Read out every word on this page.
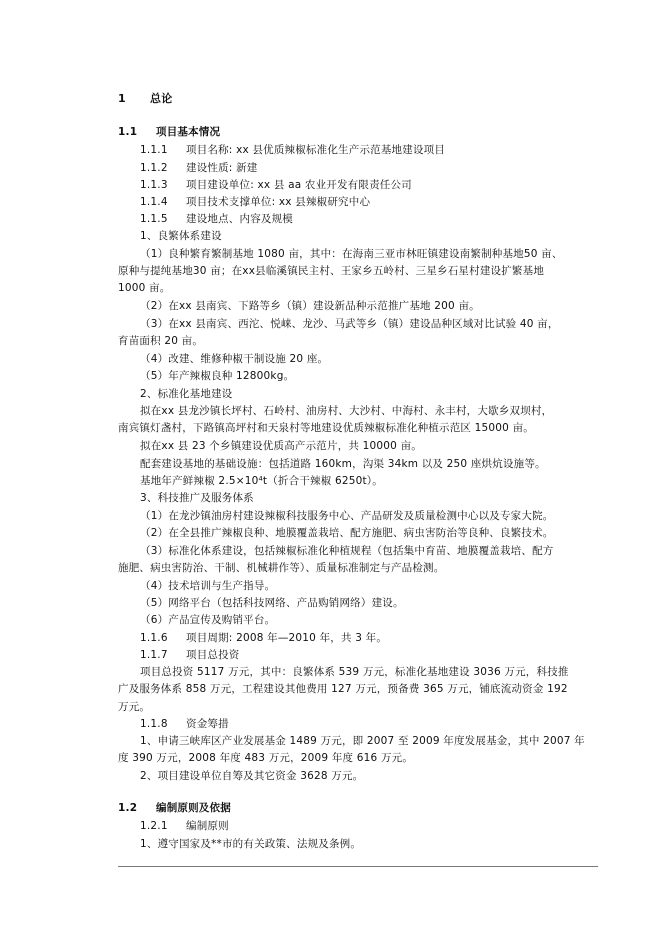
1 总论
1.1 项目基本情况
1.1.1 项目名称: xx 县优质辣椒标准化生产示范基地建设项目
1.1.2 建设性质: 新建
1.1.3 项目建设单位: xx 县 aa 农业开发有限责任公司
1.1.4 项目技术支撑单位: xx 县辣椒研究中心
1.1.5 建设地点、内容及规模
1、良繁体系建设
（1）良种繁育繁制基地 1080 亩，其中：在海南三亚市林旺镇建设南繁制种基地50 亩、
原种与提纯基地30 亩；在xx县临溪镇民主村、王家乡五岭村、三星乡石星村建设扩繁基地
1000 亩。
（2）在xx 县南宾、下路等乡（镇）建设新品种示范推广基地 200 亩。
（3）在xx 县南宾、西沱、悦崃、龙沙、马武等乡（镇）建设品种区域对比试验 40 亩，
育苗面积 20 亩。
（4）改建、维修种椒干制设施 20 座。
（5）年产辣椒良种 12800kg。
2、标准化基地建设
拟在xx 县龙沙镇长坪村、石岭村、油房村、大沙村、中海村、永丰村，大歇乡双坝村，
南宾镇灯盏村，下路镇高坪村和天泉村等地建设优质辣椒标准化种植示范区 15000 亩。
拟在xx 县 23 个乡镇建设优质高产示范片，共 10000 亩。
配套建设基地的基础设施：包括道路 160km，沟渠 34km 以及 250 座烘炕设施等。
基地年产鲜辣椒 2.5×10⁴t（折合干辣椒 6250t）。
3、科技推广及服务体系
（1）在龙沙镇油房村建设辣椒科技服务中心、产品研发及质量检测中心以及专家大院。
（2）在全县推广辣椒良种、地膜覆盖栽培、配方施肥、病虫害防治等良种、良繁技术。
（3）标准化体系建设，包括辣椒标准化种植规程（包括集中育苗、地膜覆盖栽培、配方
施肥、病虫害防治、干制、机械耕作等）、质量标准制定与产品检测。
（4）技术培训与生产指导。
（5）网络平台（包括科技网络、产品购销网络）建设。
（6）产品宣传及购销平台。
1.1.6 项目周期: 2008 年—2010 年，共 3 年。
1.1.7 项目总投资
项目总投资 5117 万元，其中：良繁体系 539 万元，标准化基地建设 3036 万元，科技推
广及服务体系 858 万元，工程建设其他费用 127 万元，预备费 365 万元，铺底流动资金 192
万元。
1.1.8 资金筹措
1、申请三峡库区产业发展基金 1489 万元，即 2007 至 2009 年度发展基金，其中 2007 年
度 390 万元，2008 年度 483 万元，2009 年度 616 万元。
2、项目建设单位自筹及其它资金 3628 万元。
1.2 编制原则及依据
1.2.1 编制原则
1、遵守国家及**市的有关政策、法规及条例。
